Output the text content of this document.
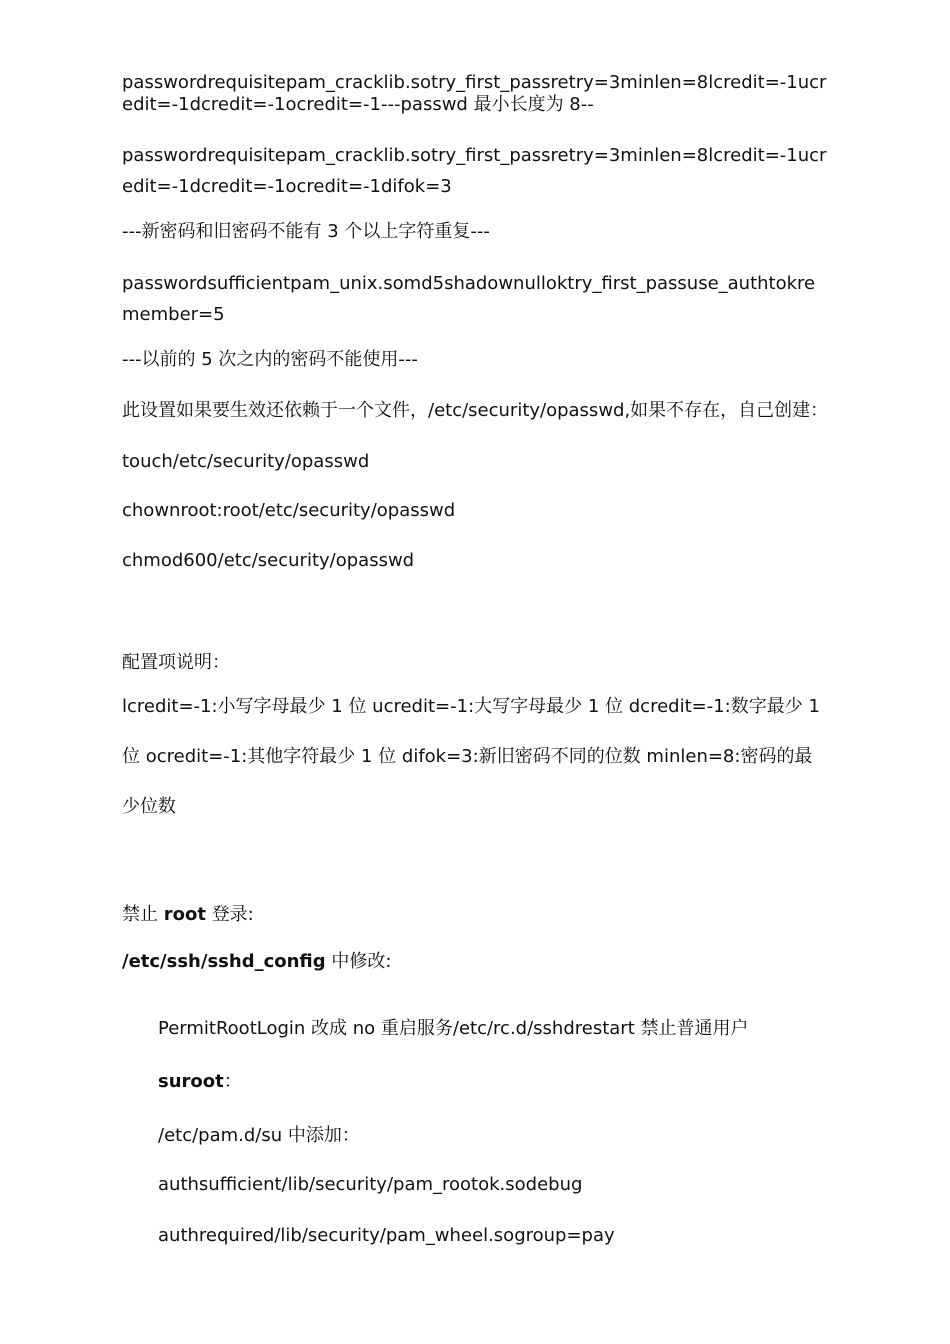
passwordrequisitepam_cracklib.sotry_first_passretry=3minlen=8lcredit=-1ucredit=-1dcredit=-1ocredit=-1---passwd 最小长度为 8--

passwordrequisitepam_cracklib.sotry_first_passretry=3minlen=8lcredit=-1ucredit=-1dcredit=-1ocredit=-1difok=3

---新密码和旧密码不能有 3 个以上字符重复---

passwordsufficientpam_unix.somd5shadownulloktry_first_passuse_authtokremember=5

---以前的 5 次之内的密码不能使用---

此设置如果要生效还依赖于一个文件，/etc/security/opasswd,如果不存在，自己创建：

touch/etc/security/opasswd

chownroot:root/etc/security/opasswd

chmod600/etc/security/opasswd

配置项说明：

lcredit=-1:小写字母最少 1 位 ucredit=-1:大写字母最少 1 位 dcredit=-1:数字最少 1

位 ocredit=-1:其他字符最少 1 位 difok=3:新旧密码不同的位数 minlen=8:密码的最

少位数

禁止 root 登录:

/etc/ssh/sshd_config 中修改:

PermitRootLogin 改成 no 重启服务/etc/rc.d/sshdrestart 禁止普通用户

suroot：

/etc/pam.d/su 中添加：

authsufficient/lib/security/pam_rootok.sodebug

authrequired/lib/security/pam_wheel.sogroup=pay
